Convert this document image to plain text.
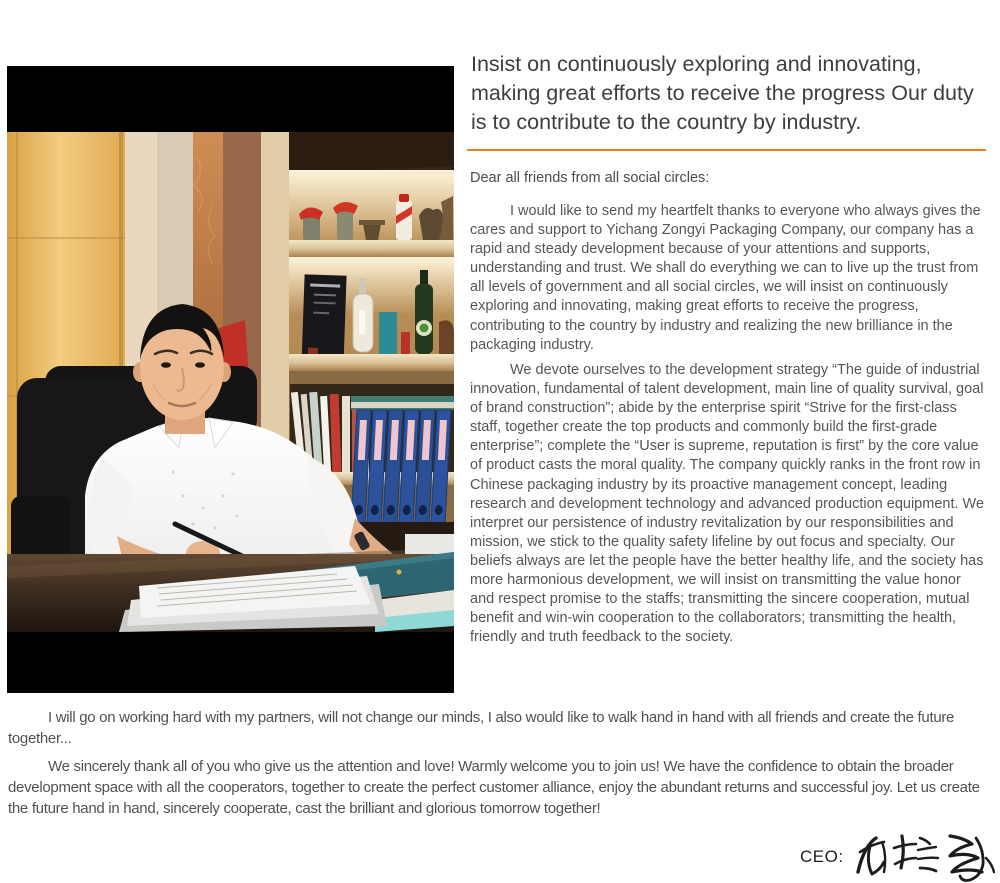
Insist on continuously exploring and innovating, making great efforts to receive the progress Our duty is to contribute to the country by industry.

Dear all friends from all social circles:

I would like to send my heartfelt thanks to everyone who always gives the cares and support to Yichang Zongyi Packaging Company, our company has a rapid and steady development because of your attentions and supports, understanding and trust. We shall do everything we can to live up the trust from all levels of government and all social circles, we will insist on continuously exploring and innovating, making great efforts to receive the progress, contributing to the country by industry and realizing the new brilliance in the packaging industry.

We devote ourselves to the development strategy “The guide of industrial innovation, fundamental of talent development, main line of quality survival, goal of brand construction”; abide by the enterprise spirit “Strive for the first-class staff, together create the top products and commonly build the first-grade enterprise”; complete the “User is supreme, reputation is first” by the core value of product casts the moral quality. The company quickly ranks in the front row in Chinese packaging industry by its proactive management concept, leading research and development technology and advanced production equipment. We interpret our persistence of industry revitalization by our responsibilities and mission, we stick to the quality safety lifeline by out focus and specialty. Our beliefs always are let the people have the better healthy life, and the society has more harmonious development, we will insist on transmitting the value honor and respect promise to the staffs; transmitting the sincere cooperation, mutual benefit and win-win cooperation to the collaborators; transmitting the health, friendly and truth feedback to the society.

I will go on working hard with my partners, will not change our minds, I also would like to walk hand in hand with all friends and create the future together...

We sincerely thank all of you who give us the attention and love! Warmly welcome you to join us! We have the confidence to obtain the broader development space with all the cooperators, together to create the perfect customer alliance, enjoy the abundant returns and successful joy. Let us create the future hand in hand, sincerely cooperate, cast the brilliant and glorious tomorrow together!

CEO:
